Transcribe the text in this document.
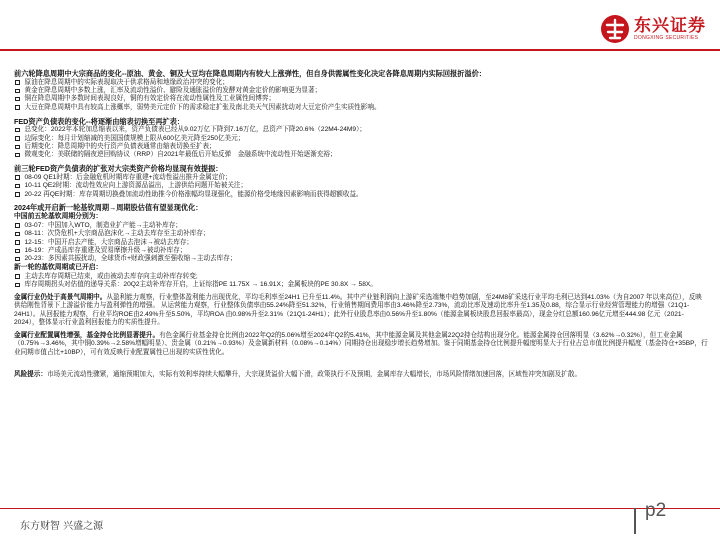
东兴证券
DONGXING SECURITIES
前六轮降息周期中大宗商品的变化--原油、黄金、铜及大豆均在降息周期内有较大上涨弹性，但自身供需属性变化决定各降息周期内实际回报折溢价：
原油在降息周期中的实际表现取决于供求格局和地缘政治冲突的变化；
黄金在降息周期中多数上涨，汇率及流动性溢价、避险及通胀溢价的发酵对黄金定价的影响更为显著；
铜在降息周期中多数时间表现良好，铜的有效定价将在流动性属性及工业属性间博弈；
大豆在降息周期中具有较高上涨概率，弱势美元定价下的需求稳定扩张及南北美天气因素扰动对大豆定价产生实质性影响。
FED资产负债表的变化--将逐渐由缩表切换至再扩表：
总变化：2022年本轮加息缩表以来，资产负债表已经从9.02万亿下降到7.16万亿，总资产下降20.6%（22M4-24M9）；
边际变化：每月计划缩减的美国国债规模上限从600亿美元降至250亿美元；
后期变化：降息周期中的央行资产负债表通常由缩表切换至扩表；
微观变化：美联储的隔夜逆回购协议（RRP）自2021年最低后开始反弹　金融系统中流动性开始逐渐充裕；
前三轮FED资产负债表的扩张对大宗类资产价格均显现有效提振：
08-09 QE1时期：后金融危机时期库存重建+流动性溢出推升金属定价；
10-11 QE2时期：流动性效应向上游资源品溢出，上游供给问题开始被关注；
20-22 再QE时期：库存周期切换叠加流动性助推今价格涨幅均显现强化，能源价格受地缘因素影响而获得超额收益。
2024年或开启新一轮基钦周期→周期股估值有望显现优化：
中国前五轮基钦周期分别为：
03-07：中国加入WTO，制造业扩产能→主动补库存；
08-11：次贷危机+大宗商品泡沫化→主动去库存至主动补库存；
12-15：中国开启去产能，大宗商品去泡沫→被动去库存；
16-19：产成品库存重建及贸易摩擦升级→被动补库存；
20-23：多因素共振扰动，全球货币+财政强刺激至强收缩→主动去库存；
新一轮的基钦周期或已开启：
主动去库存周期已结束，或由被动去库存向主动补库存转变;
库存周期拐头对估值的递导关系：20Q2主动补库存开启，上证综指PE 11.75X → 16.91X；金属板块的PE 30.8X → 58X。
金属行业仍处于高景气周期中。从盈利能力观察，行业整体盈利能力出现优化，平均毛利率至24H1 已升至11.4%。其中产业链利润向上游矿采选端集中趋势加剧，至24M8矿采选行业平均毛利已达到41.03%（为自2007 年以来高位），反映供给刚性背景下上游溢价能力与盈利弹性的增强。 从运营能力观察，行业整体负债率由55.24%降至51.32%，行业销售期间费用率由3.46%降至2.73%，流动比率及速动比率升至1.35及0.88，综合显示行业经营管理能力的增强（21Q1-24H1）。从回报能力观察，行业平均ROE由2.49%升至5.50%，平均ROA 由0.98%升至2.31%（21Q1-24H1）；此外行业股息率由0.56%升至1.80%（能源金属板块股息回报率最高），现金分红总额160.96亿元增至444.98 亿元（2021-2024），整体显示行业盈利回报能力的实质性提升。
金属行业配置属性增强，基金持仓比例显著提升。有色金属行业基金持仓比例由2022年Q2的5.06%增至2024年Q2的5.41%，其中能源金属及其他金属22Q2持仓结构出现分化。能源金属持仓回落明显（3.62%→0.32%），但工业金属（0.75%→3.46%，其中铜0.39%→2.58%增幅明显）、贵金属（0.21%→0.93%）及金属新材料（0.08%→0.14%）同期持仓出现稳步增长趋势增加。鉴于同期基金持仓比例提升幅度明显大于行业占总市值比例提升幅度（基金持仓+35BP，行业同期市值占比+10BP），可有效反映行业配置属性已出现的实质性优化。
风险提示：市场美元流动性骤紧，通缩预期加大，实际有效利率持续大幅攀升，大宗现货溢价大幅下滑，政策执行不及预期，金属库存大幅增长，市场风险情绪加速回落，区域性冲突加剧及扩散。
东方财智 兴盛之源
p2
